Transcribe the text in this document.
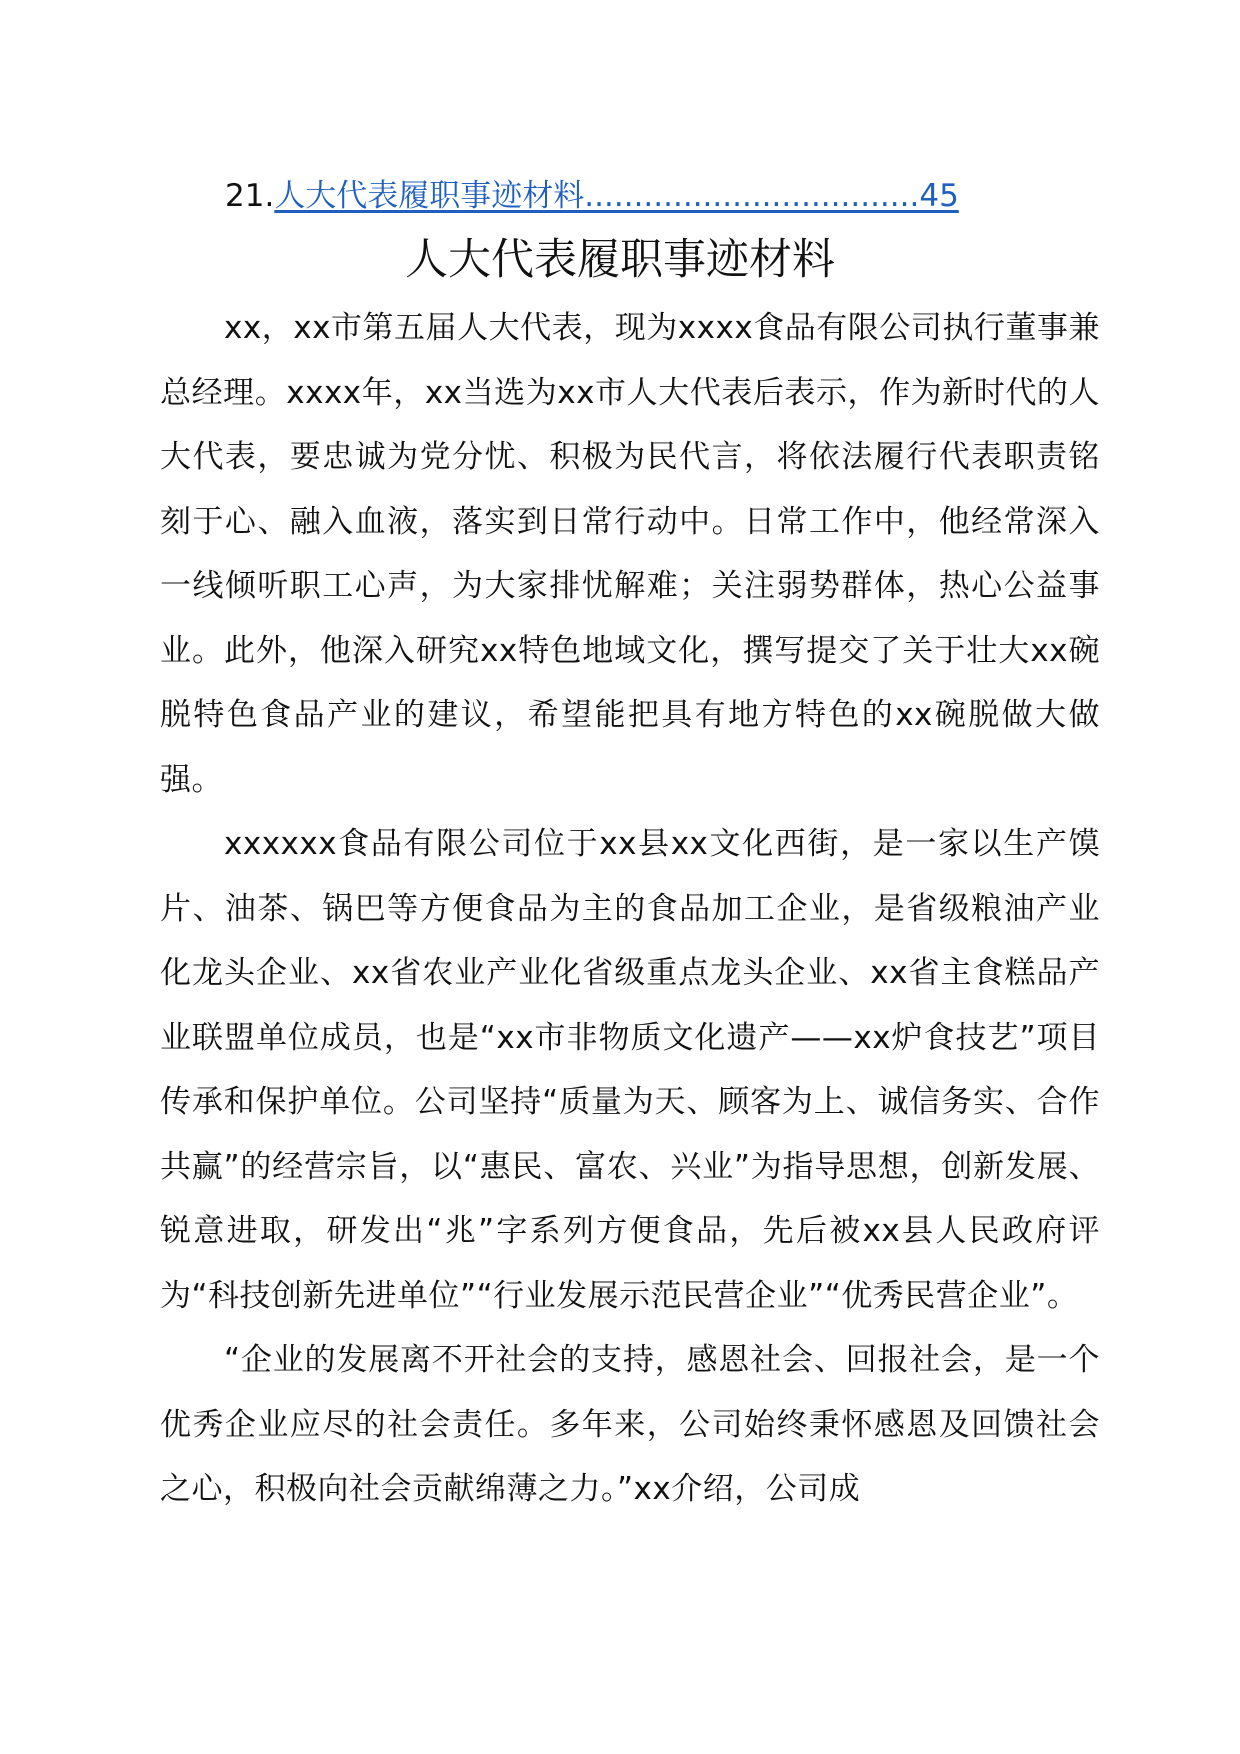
21.人大代表履职事迹材料..................................45
人大代表履职事迹材料

xx，xx市第五届人大代表，现为xxxx食品有限公司执行董事兼总经理。xxxx年，xx当选为xx市人大代表后表示，作为新时代的人大代表，要忠诚为党分忧、积极为民代言，将依法履行代表职责铭刻于心、融入血液，落实到日常行动中。日常工作中，他经常深入一线倾听职工心声，为大家排忧解难；关注弱势群体，热心公益事业。此外，他深入研究xx特色地域文化，撰写提交了关于壮大xx碗脱特色食品产业的建议，希望能把具有地方特色的xx碗脱做大做强。

xxxxxx食品有限公司位于xx县xx文化西街，是一家以生产馍片、油茶、锅巴等方便食品为主的食品加工企业，是省级粮油产业化龙头企业、xx省农业产业化省级重点龙头企业、xx省主食糕品产业联盟单位成员，也是“xx市非物质文化遗产——xx炉食技艺”项目传承和保护单位。公司坚持“质量为天、顾客为上、诚信务实、合作共赢”的经营宗旨，以“惠民、富农、兴业”为指导思想，创新发展、锐意进取，研发出“兆”字系列方便食品，先后被xx县人民政府评为“科技创新先进单位”“行业发展示范民营企业”“优秀民营企业”。

“企业的发展离不开社会的支持，感恩社会、回报社会，是一个优秀企业应尽的社会责任。多年来，公司始终秉怀感恩及回馈社会之心，积极向社会贡献绵薄之力。”xx介绍，公司成
